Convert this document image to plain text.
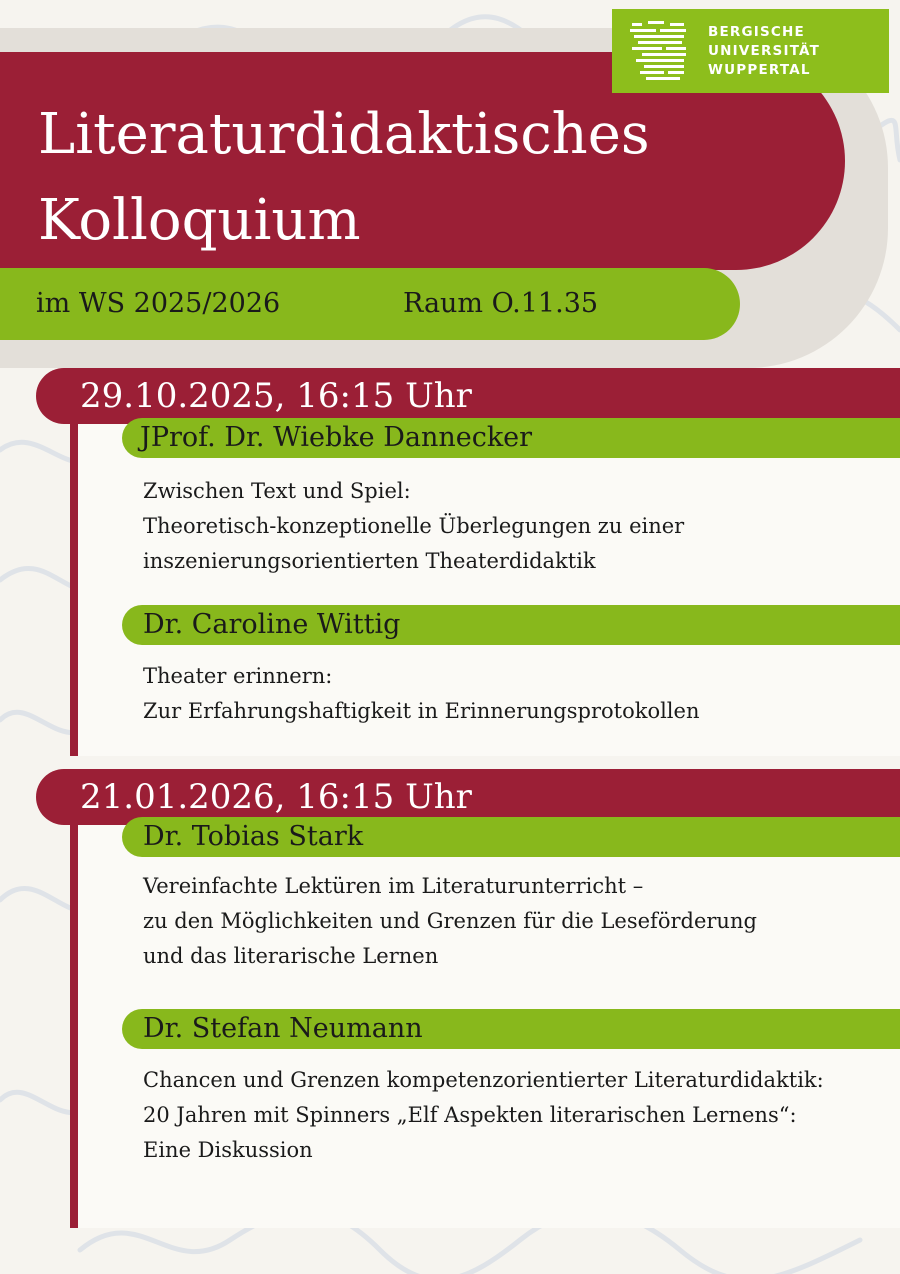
Literaturdidaktisches
Kolloquium
im WS 2025/2026	Raum O.11.35
BERGISCHE
UNIVERSITÄT
WUPPERTAL
29.10.2025, 16:15 Uhr
JProf. Dr. Wiebke Dannecker
Zwischen Text und Spiel:
Theoretisch-konzeptionelle Überlegungen zu einer
inszenierungsorientierten Theaterdidaktik
Dr. Caroline Wittig
Theater erinnern:
Zur Erfahrungshaftigkeit in Erinnerungsprotokollen
21.01.2026, 16:15 Uhr
Dr. Tobias Stark
Vereinfachte Lektüren im Literaturunterricht –
zu den Möglichkeiten und Grenzen für die Leseförderung
und das literarische Lernen
Dr. Stefan Neumann
Chancen und Grenzen kompetenzorientierter Literaturdidaktik:
20 Jahren mit Spinners „Elf Aspekten literarischen Lernens“:
Eine Diskussion
